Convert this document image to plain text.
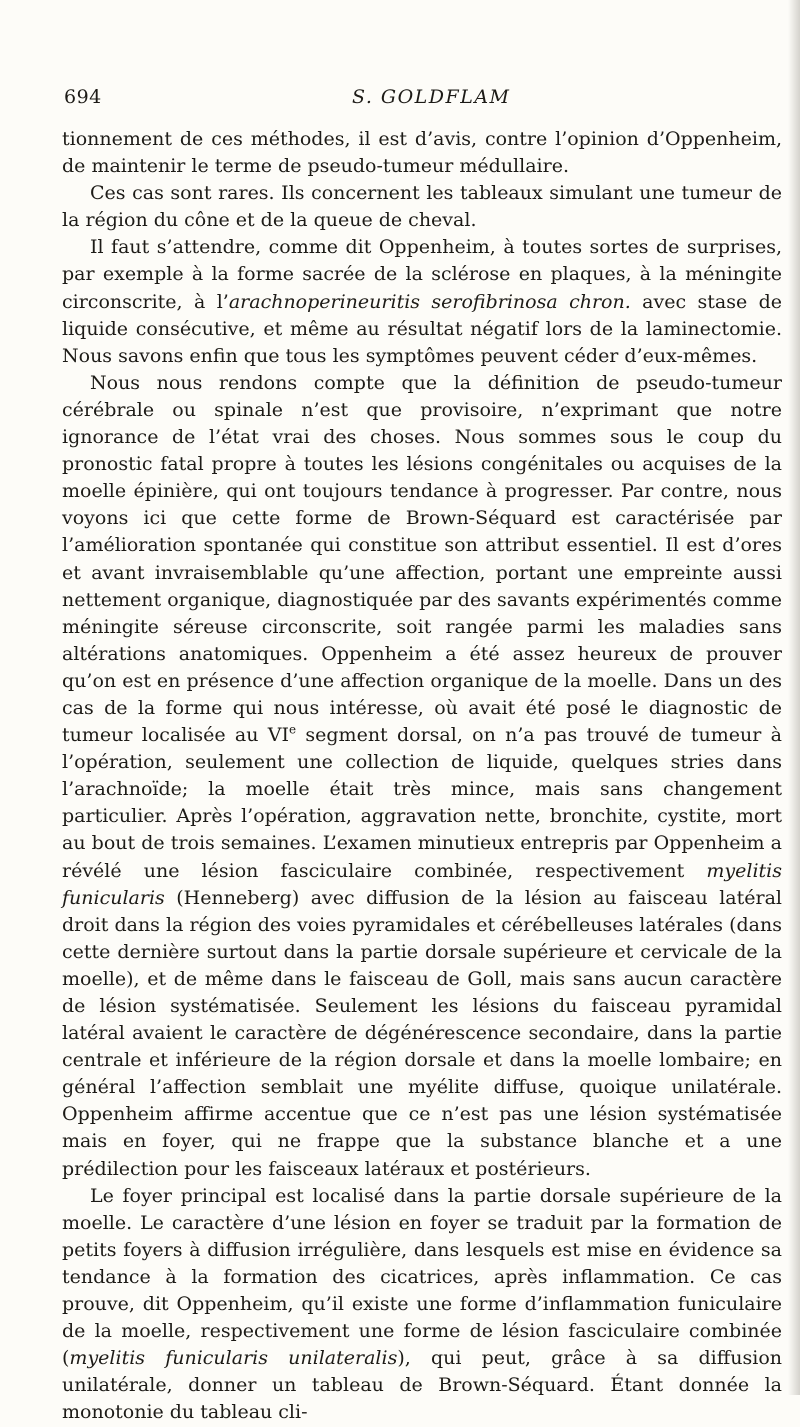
694	S. GOLDFLAM

tionnement de ces méthodes, il est d’avis, contre l’opinion d’Oppenheim, de maintenir le terme de pseudo-tumeur médullaire.

Ces cas sont rares. Ils concernent les tableaux simulant une tumeur de la région du cône et de la queue de cheval.

Il faut s’attendre, comme dit Oppenheim, à toutes sortes de surprises, par exemple à la forme sacrée de la sclérose en plaques, à la méningite circonscrite, à l’arachnoperineuritis serofibrinosa chron. avec stase de liquide consécutive, et même au résultat négatif lors de la laminectomie. Nous savons enfin que tous les symptômes peuvent céder d’eux-mêmes.

Nous nous rendons compte que la définition de pseudo-tumeur cérébrale ou spinale n’est que provisoire, n’exprimant que notre ignorance de l’état vrai des choses. Nous sommes sous le coup du pronostic fatal propre à toutes les lésions congénitales ou acquises de la moelle épinière, qui ont toujours tendance à progresser. Par contre, nous voyons ici que cette forme de Brown-Séquard est caractérisée par l’amélioration spontanée qui constitue son attribut essentiel. Il est d’ores et avant invraisemblable qu’une affection, portant une empreinte aussi nettement organique, diagnostiquée par des savants expérimentés comme méningite séreuse circonscrite, soit rangée parmi les maladies sans altérations anatomiques. Oppenheim a été assez heureux de prouver qu’on est en présence d’une affection organique de la moelle. Dans un des cas de la forme qui nous intéresse, où avait été posé le diagnostic de tumeur localisée au VIe segment dorsal, on n’a pas trouvé de tumeur à l’opération, seulement une collection de liquide, quelques stries dans l’arachnoïde; la moelle était très mince, mais sans changement particulier. Après l’opération, aggravation nette, bronchite, cystite, mort au bout de trois semaines. L’examen minutieux entrepris par Oppenheim a révélé une lésion fasciculaire combinée, respectivement myelitis funicularis (Henneberg) avec diffusion de la lésion au faisceau latéral droit dans la région des voies pyramidales et cérébelleuses latérales (dans cette dernière surtout dans la partie dorsale supérieure et cervicale de la moelle), et de même dans le faisceau de Goll, mais sans aucun caractère de lésion systématisée. Seulement les lésions du faisceau pyramidal latéral avaient le caractère de dégénérescence secondaire, dans la partie centrale et inférieure de la région dorsale et dans la moelle lombaire; en général l’affection semblait une myélite diffuse, quoique unilatérale. Oppenheim affirme accentue que ce n’est pas une lésion systématisée mais en foyer, qui ne frappe que la substance blanche et a une prédilection pour les faisceaux latéraux et postérieurs.

Le foyer principal est localisé dans la partie dorsale supérieure de la moelle. Le caractère d’une lésion en foyer se traduit par la formation de petits foyers à diffusion irrégulière, dans lesquels est mise en évidence sa tendance à la formation des cicatrices, après inflammation. Ce cas prouve, dit Oppenheim, qu’il existe une forme d’inflammation funiculaire de la moelle, respectivement une forme de lésion fasciculaire combinée (myelitis funicularis unilateralis), qui peut, grâce à sa diffusion unilatérale, donner un tableau de Brown-Séquard. Étant donnée la monotonie du tableau cli-
